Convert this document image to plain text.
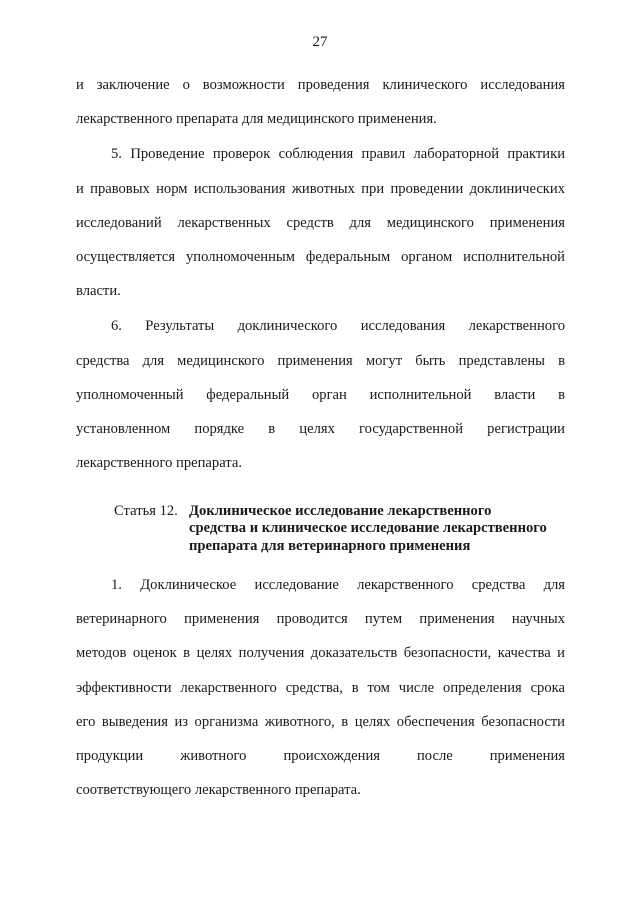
27

и заключение о возможности проведения клинического исследования
лекарственного препарата для медицинского применения.

5. Проведение проверок соблюдения правил лабораторной практики
и правовых норм использования животных при проведении доклинических
исследований лекарственных средств для медицинского применения
осуществляется уполномоченным федеральным органом исполнительной
власти.

6. Результаты доклинического исследования лекарственного
средства для медицинского применения могут быть представлены в
уполномоченный федеральный орган исполнительной власти в
установленном порядке в целях государственной регистрации
лекарственного препарата.

Статья 12. Доклиническое исследование лекарственного
средства и клиническое исследование лекарственного
препарата для ветеринарного применения

1. Доклиническое исследование лекарственного средства для
ветеринарного применения проводится путем применения научных
методов оценок в целях получения доказательств безопасности, качества и
эффективности лекарственного средства, в том числе определения срока
его выведения из организма животного, в целях обеспечения безопасности
продукции животного происхождения после применения
соответствующего лекарственного препарата.
